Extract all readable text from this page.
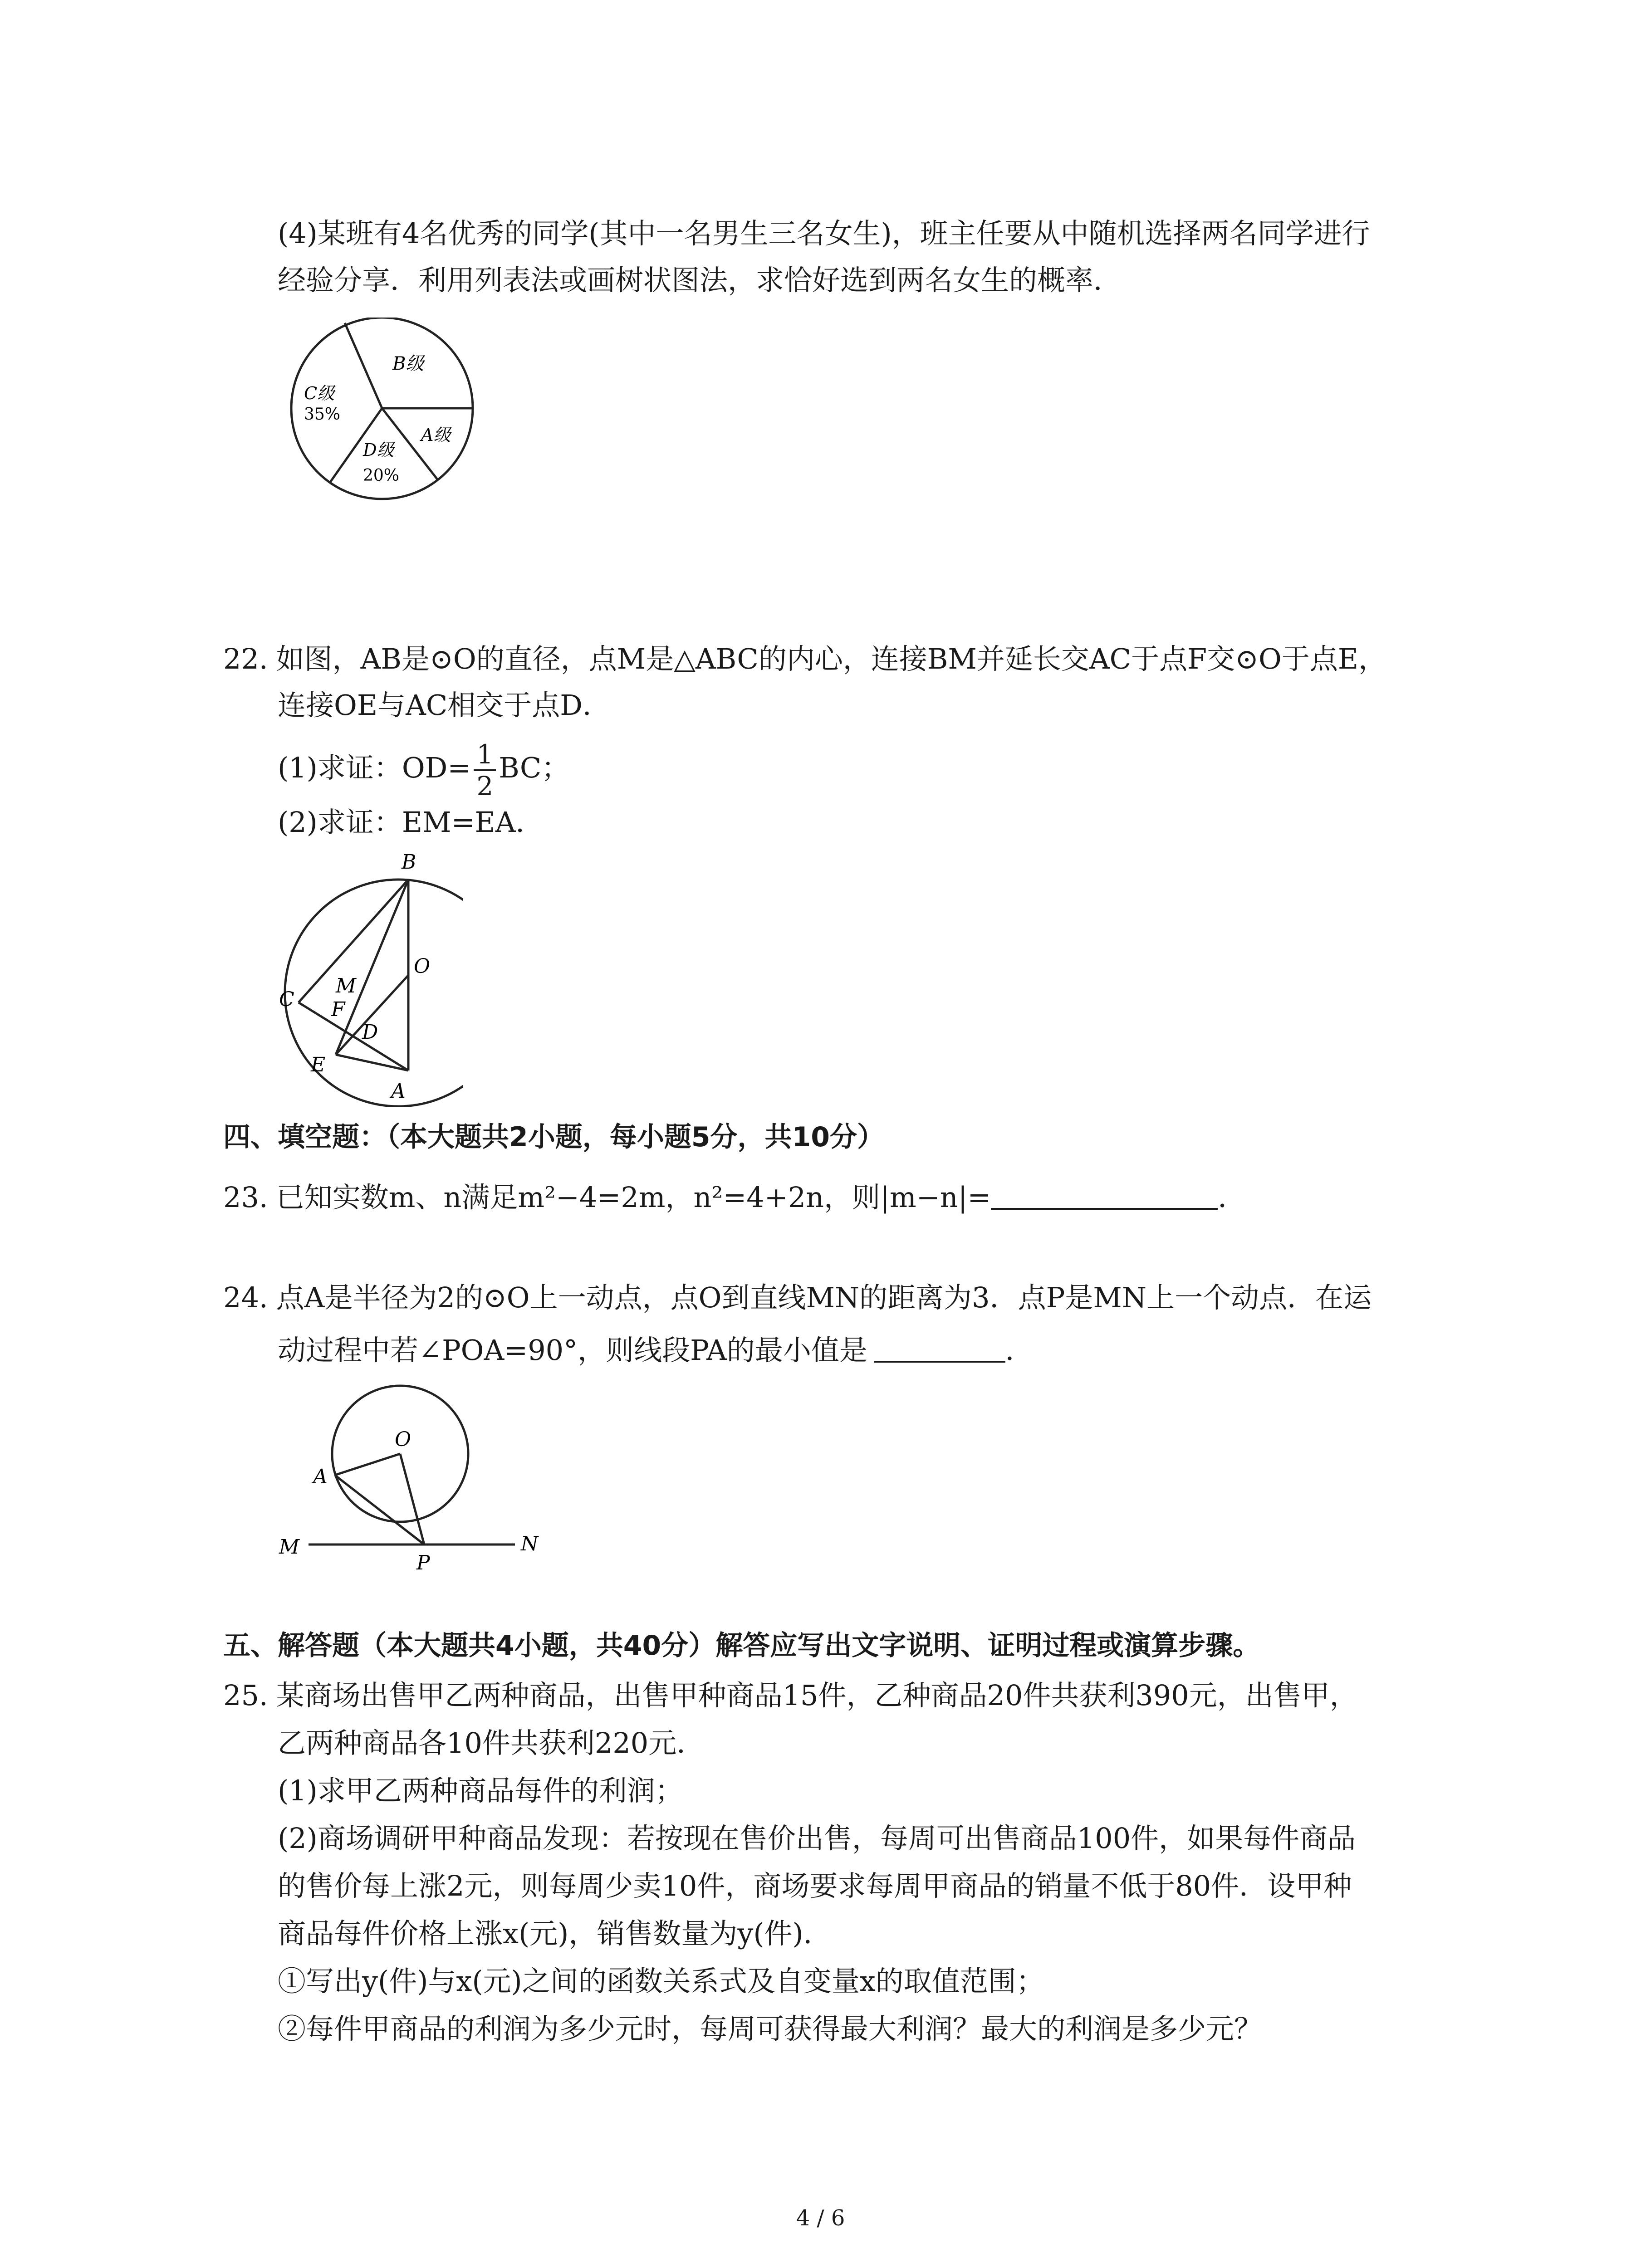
(4)某班有4名优秀的同学(其中一名男生三名女生)，班主任要从中随机选择两名同学进行
经验分享．利用列表法或画树状图法，求恰好选到两名女生的概率．
B级
A级
C级
35%
D级
20%
22. 如图，AB是⊙O的直径，点M是△ABC的内心，连接BM并延长交AC于点F交⊙O于点E，
连接OE与AC相交于点D．
(1)求证：$OD= \frac{1}{2}$ BC；
(2)求证：EM=EA．
B
O
C
M
F
D
E
A
四、填空题：（本大题共2小题，每小题5分，共10分）
23. 已知实数m、n满足m²−4=2m，n²=4+2n，则|m−n|=	．
24. 点A是半径为2的⊙O上一动点，点O到直线MN的距离为3．点P是MN上一个动点．在运
动过程中若∠POA=90°，则线段PA的最小值是	．
O
A
M
P
N
五、解答题（本大题共4小题，共40分）解答应写出文字说明、证明过程或演算步骤。
25. 某商场出售甲乙两种商品，出售甲种商品15件，乙种商品20件共获利390元，出售甲，
乙两种商品各10件共获利220元．
(1)求甲乙两种商品每件的利润；
(2)商场调研甲种商品发现：若按现在售价出售，每周可出售商品100件，如果每件商品
的售价每上涨2元，则每周少卖10件，商场要求每周甲商品的销量不低于80件．设甲种
商品每件价格上涨x(元)，销售数量为y(件)．
①写出y(件)与x(元)之间的函数关系式及自变量x的取值范围；
②每件甲商品的利润为多少元时，每周可获得最大利润？最大的利润是多少元？
4 / 6
